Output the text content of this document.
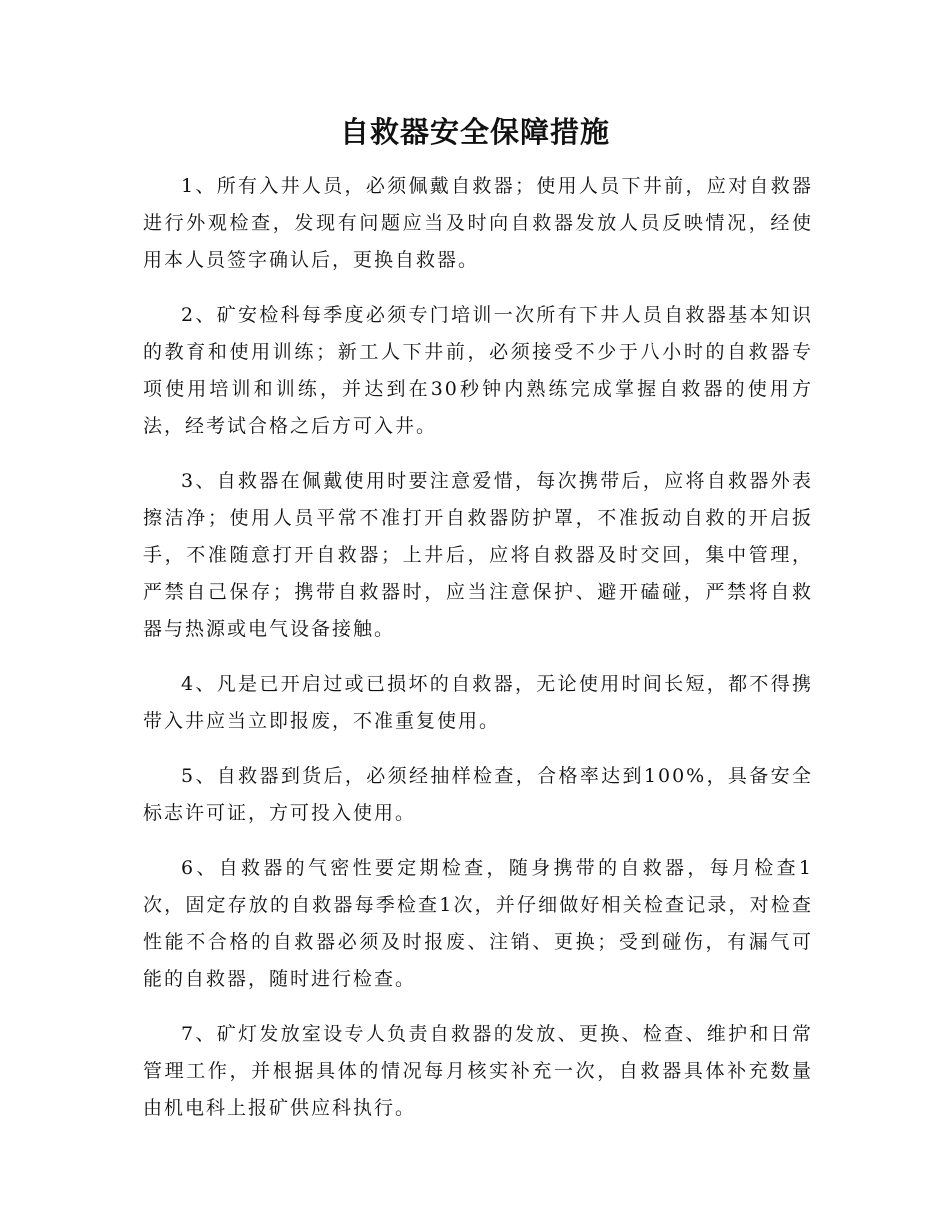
自救器安全保障措施

1、所有入井人员，必须佩戴自救器；使用人员下井前，应对自救器进行外观检查，发现有问题应当及时向自救器发放人员反映情况，经使用本人员签字确认后，更换自救器。

2、矿安检科每季度必须专门培训一次所有下井人员自救器基本知识的教育和使用训练；新工人下井前，必须接受不少于八小时的自救器专项使用培训和训练，并达到在30秒钟内熟练完成掌握自救器的使用方法，经考试合格之后方可入井。

3、自救器在佩戴使用时要注意爱惜，每次携带后，应将自救器外表擦洁净；使用人员平常不准打开自救器防护罩，不准扳动自救的开启扳手，不准随意打开自救器；上井后，应将自救器及时交回，集中管理，严禁自己保存；携带自救器时，应当注意保护、避开磕碰，严禁将自救器与热源或电气设备接触。

4、凡是已开启过或已损坏的自救器，无论使用时间长短，都不得携带入井应当立即报废，不准重复使用。

5、自救器到货后，必须经抽样检查，合格率达到100%，具备安全标志许可证，方可投入使用。

6、自救器的气密性要定期检查，随身携带的自救器，每月检查1次，固定存放的自救器每季检查1次，并仔细做好相关检查记录，对检查性能不合格的自救器必须及时报废、注销、更换；受到碰伤，有漏气可能的自救器，随时进行检查。

7、矿灯发放室设专人负责自救器的发放、更换、检查、维护和日常管理工作，并根据具体的情况每月核实补充一次，自救器具体补充数量由机电科上报矿供应科执行。
